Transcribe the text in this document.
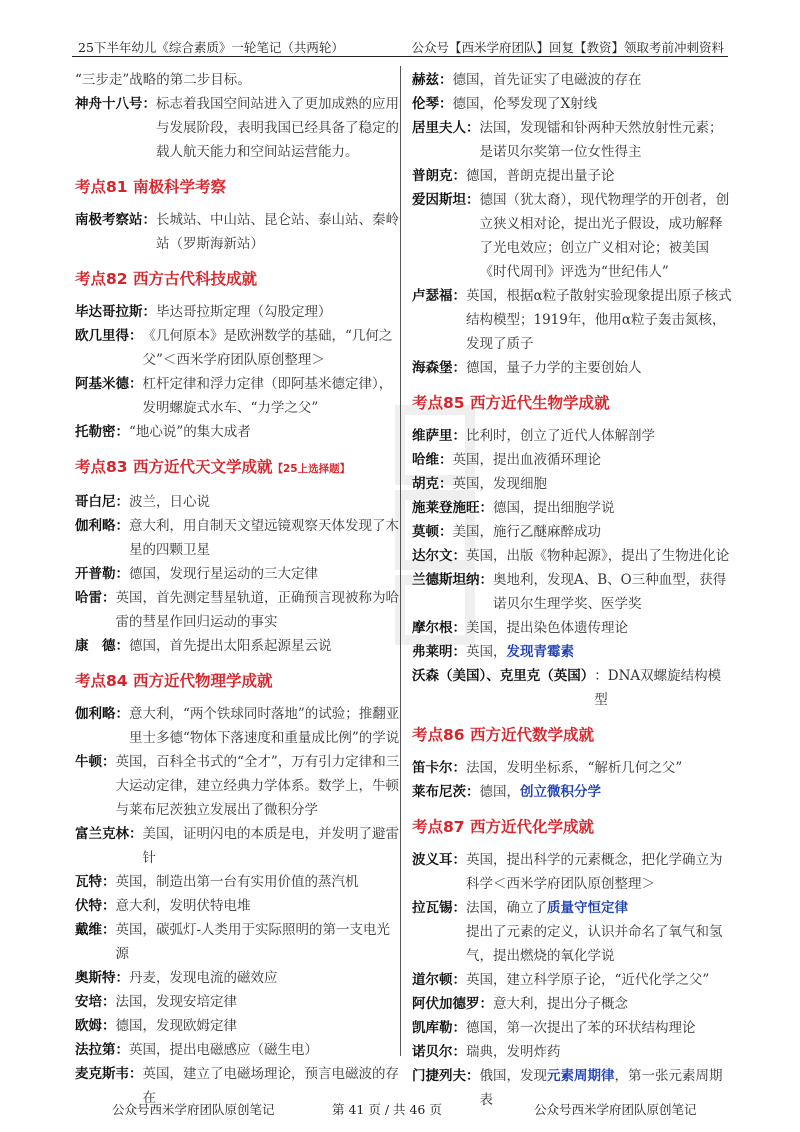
25下半年幼儿《综合素质》一轮笔记（共两轮）	公众号【西米学府团队】回复【教资】领取考前冲刺资料
“三步走”战略的第二步目标。
神舟十八号： 标志着我国空间站进入了更加成熟的应用与发展阶段，表明我国已经具备了稳定的载人航天能力和空间站运营能力。
考点81 南极科学考察
南极考察站： 长城站、中山站、昆仑站、泰山站、秦岭站（罗斯海新站）
考点82 西方古代科技成就
毕达哥拉斯： 毕达哥拉斯定理（勾股定理）
欧几里得： 《几何原本》是欧洲数学的基础，“几何之父”＜西米学府团队原创整理＞
阿基米德： 杠杆定律和浮力定律（即阿基米德定律），发明螺旋式水车、“力学之父”
托勒密： “地心说”的集大成者
考点83 西方近代天文学成就【25上选择题】
哥白尼： 波兰，日心说
伽利略： 意大利，用自制天文望远镜观察天体发现了木星的四颗卫星
开普勒： 德国，发现行星运动的三大定律
哈雷： 英国，首先测定彗星轨道，正确预言现被称为哈雷的彗星作回归运动的事实
康　德： 德国，首先提出太阳系起源星云说
考点84 西方近代物理学成就
伽利略： 意大利，“两个铁球同时落地”的试验；推翻亚里士多德“物体下落速度和重量成比例”的学说
牛顿： 英国，百科全书式的“全才”，万有引力定律和三大运动定律，建立经典力学体系。数学上，牛顿与莱布尼茨独立发展出了微积分学
富兰克林： 美国，证明闪电的本质是电，并发明了避雷针
瓦特： 英国，制造出第一台有实用价值的蒸汽机
伏特： 意大利，发明伏特电堆
戴维： 英国，碳弧灯-人类用于实际照明的第一支电光源
奥斯特： 丹麦，发现电流的磁效应
安培： 法国，发现安培定律
欧姆： 德国，发现欧姆定律
法拉第： 英国，提出电磁感应（磁生电）
麦克斯韦： 英国，建立了电磁场理论，预言电磁波的存在
赫兹： 德国，首先证实了电磁波的存在
伦琴： 德国，伦琴发现了X射线
居里夫人： 法国，发现镭和钋两种天然放射性元素；是诺贝尔奖第一位女性得主
普朗克： 德国，普朗克提出量子论
爱因斯坦： 德国（犹太裔），现代物理学的开创者，创立狭义相对论，提出光子假设，成功解释了光电效应；创立广义相对论；被美国《时代周刊》评选为“世纪伟人”
卢瑟福： 英国，根据α粒子散射实验现象提出原子核式结构模型；1919年，他用α粒子轰击氮核，发现了质子
海森堡： 德国，量子力学的主要创始人
考点85 西方近代生物学成就
维萨里： 比利时，创立了近代人体解剖学
哈维： 英国，提出血液循环理论
胡克： 英国，发现细胞
施莱登施旺： 德国，提出细胞学说
莫顿： 美国，施行乙醚麻醉成功
达尔文： 英国，出版《物种起源》，提出了生物进化论
兰德斯坦纳： 奥地利，发现A、B、O三种血型，获得诺贝尔生理学奖、医学奖
摩尔根： 美国，提出染色体遗传理论
弗莱明： 英国，发现青霉素
沃森（美国）、克里克（英国） ：DNA双螺旋结构模型
考点86 西方近代数学成就
笛卡尔： 法国，发明坐标系，“解析几何之父”
莱布尼茨： 德国，创立微积分学
考点87 西方近代化学成就
波义耳： 英国，提出科学的元素概念，把化学确立为科学＜西米学府团队原创整理＞
拉瓦锡： 法国，确立了质量守恒定律
提出了元素的定义，认识并命名了氧气和氢气，提出燃烧的氧化学说
道尔顿： 英国，建立科学原子论，“近代化学之父”
阿伏加德罗： 意大利，提出分子概念
凯库勒： 德国，第一次提出了苯的环状结构理论
诺贝尔： 瑞典，发明炸药
门捷列夫： 俄国，发现元素周期律，第一张元素周期表
公众号西米学府团队原创笔记	第 41 页 / 共 46 页	公众号西米学府团队原创笔记
